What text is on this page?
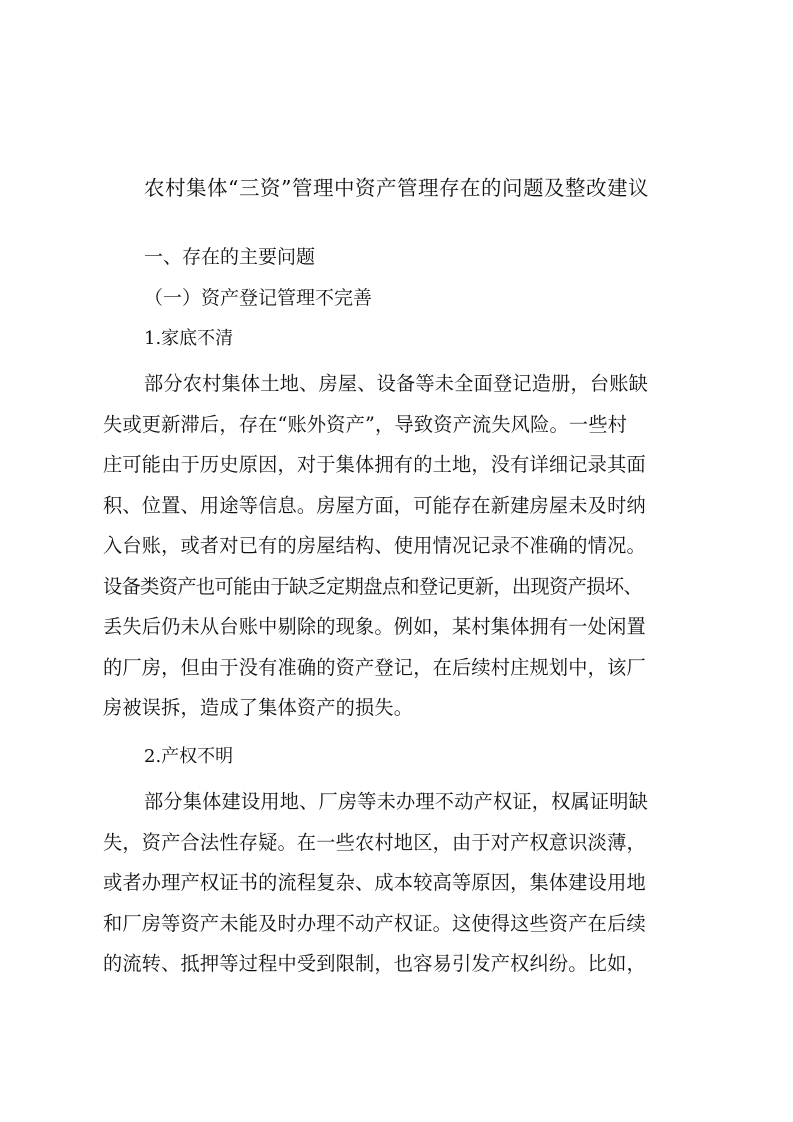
农村集体“三资”管理中资产管理存在的问题及整改建议
一、存在的主要问题
（一）资产登记管理不完善
1.家底不清
部分农村集体土地、房屋、设备等未全面登记造册，台账缺
失或更新滞后，存在“账外资产”，导致资产流失风险。一些村
庄可能由于历史原因，对于集体拥有的土地，没有详细记录其面
积、位置、用途等信息。房屋方面，可能存在新建房屋未及时纳
入台账，或者对已有的房屋结构、使用情况记录不准确的情况。
设备类资产也可能由于缺乏定期盘点和登记更新，出现资产损坏、
丢失后仍未从台账中剔除的现象。例如，某村集体拥有一处闲置
的厂房，但由于没有准确的资产登记，在后续村庄规划中，该厂
房被误拆，造成了集体资产的损失。
2.产权不明
部分集体建设用地、厂房等未办理不动产权证，权属证明缺
失，资产合法性存疑。在一些农村地区，由于对产权意识淡薄，
或者办理产权证书的流程复杂、成本较高等原因，集体建设用地
和厂房等资产未能及时办理不动产权证。这使得这些资产在后续
的流转、抵押等过程中受到限制，也容易引发产权纠纷。比如，
